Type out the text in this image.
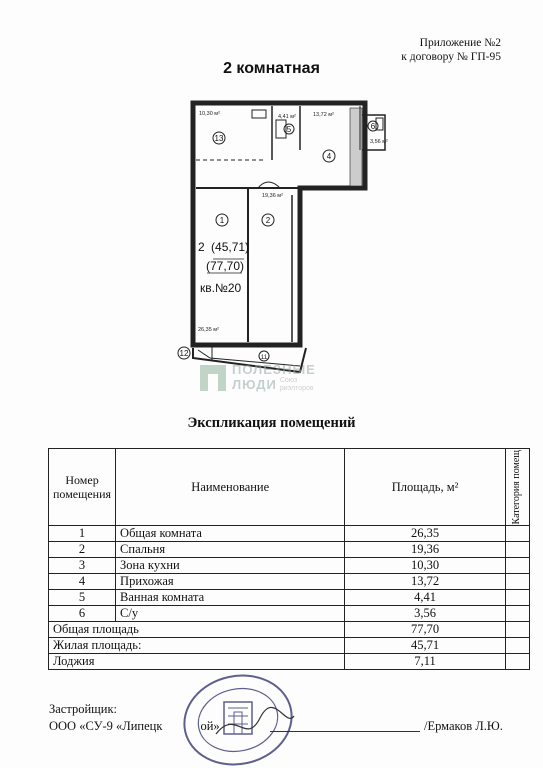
Приложение №2
к договору № ГП-95
2 комнатная
13
5	6
4
1	2
12	11
10,30 м²	4,41 м²	13,72 м²
3,56 м²
19,36 м²
26,35 м²
2 (45,71)
(77,70)
кв.№20
ПОЛЕЗНЫЕ
ЛЮДИ Союз
риэлторов
Экспликация помещений
Номер помещения	Наименование	Площадь, м²	Категория помещ

1	Общая комната	26,35	
2	Спальня	19,36	
3	Зона кухни	10,30	
4	Прихожая	13,72	
5	Ванная комната	4,41	
6	С/у	3,56	
Общая площадь		77,70	
Жилая площадь:		45,71	
Лоджия		7,11	
Застройщик:
ООО «СУ-9 «Липецк	ой»	/Ермаков Л.Ю.
